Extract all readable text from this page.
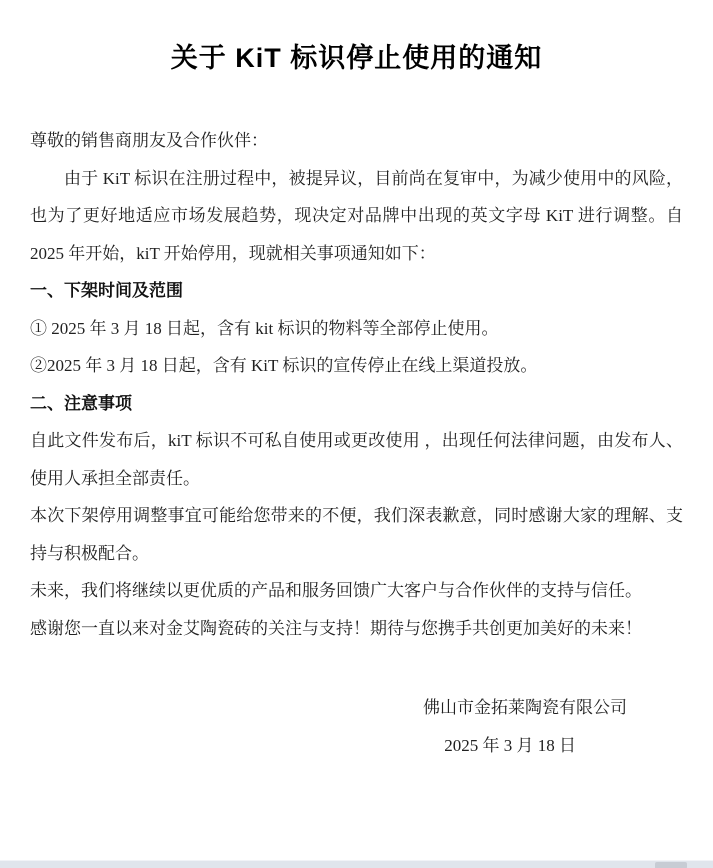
关于 KiT 标识停止使用的通知
尊敬的销售商朋友及合作伙伴：
由于 KiT 标识在注册过程中，被提异议，目前尚在复审中，为减少使用中的风险，也为了更好地适应市场发展趋势，现决定对品牌中出现的英文字母 KiT 进行调整。自 2025 年开始，kiT 开始停用，现就相关事项通知如下：
一、下架时间及范围
① 2025 年 3 月 18 日起，含有 kit 标识的物料等全部停止使用。
②2025 年 3 月 18 日起，含有 KiT 标识的宣传停止在线上渠道投放。
二、注意事项
自此文件发布后，kiT 标识不可私自使用或更改使用 ，出现任何法律问题，由发布人、使用人承担全部责任。
本次下架停用调整事宜可能给您带来的不便，我们深表歉意，同时感谢大家的理解、支持与积极配合。
未来，我们将继续以更优质的产品和服务回馈广大客户与合作伙伴的支持与信任。
感谢您一直以来对金艾陶瓷砖的关注与支持！期待与您携手共创更加美好的未来！
佛山市金拓莱陶瓷有限公司
2025 年 3 月 18 日
